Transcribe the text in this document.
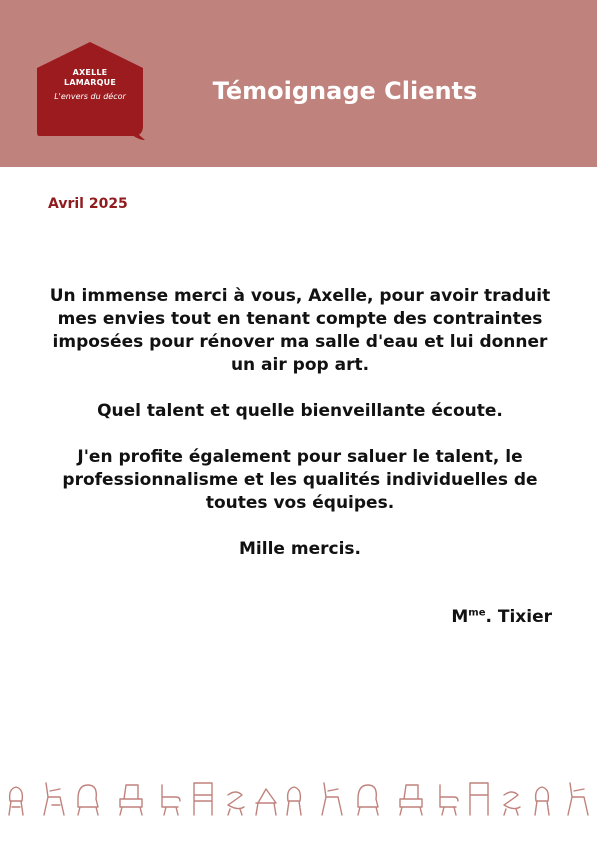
AXELLE
LAMARQUE
L'envers du décor	Témoignage Clients
Avril 2025

Un immense merci à vous, Axelle, pour avoir traduit mes envies tout en tenant compte des contraintes imposées pour rénover ma salle d'eau et lui donner un air pop art.

Quel talent et quelle bienveillante écoute.

J'en profite également pour saluer le talent, le professionnalisme et les qualités individuelles de toutes vos équipes.

Mille mercis.

$M^{me}$. Tixier
